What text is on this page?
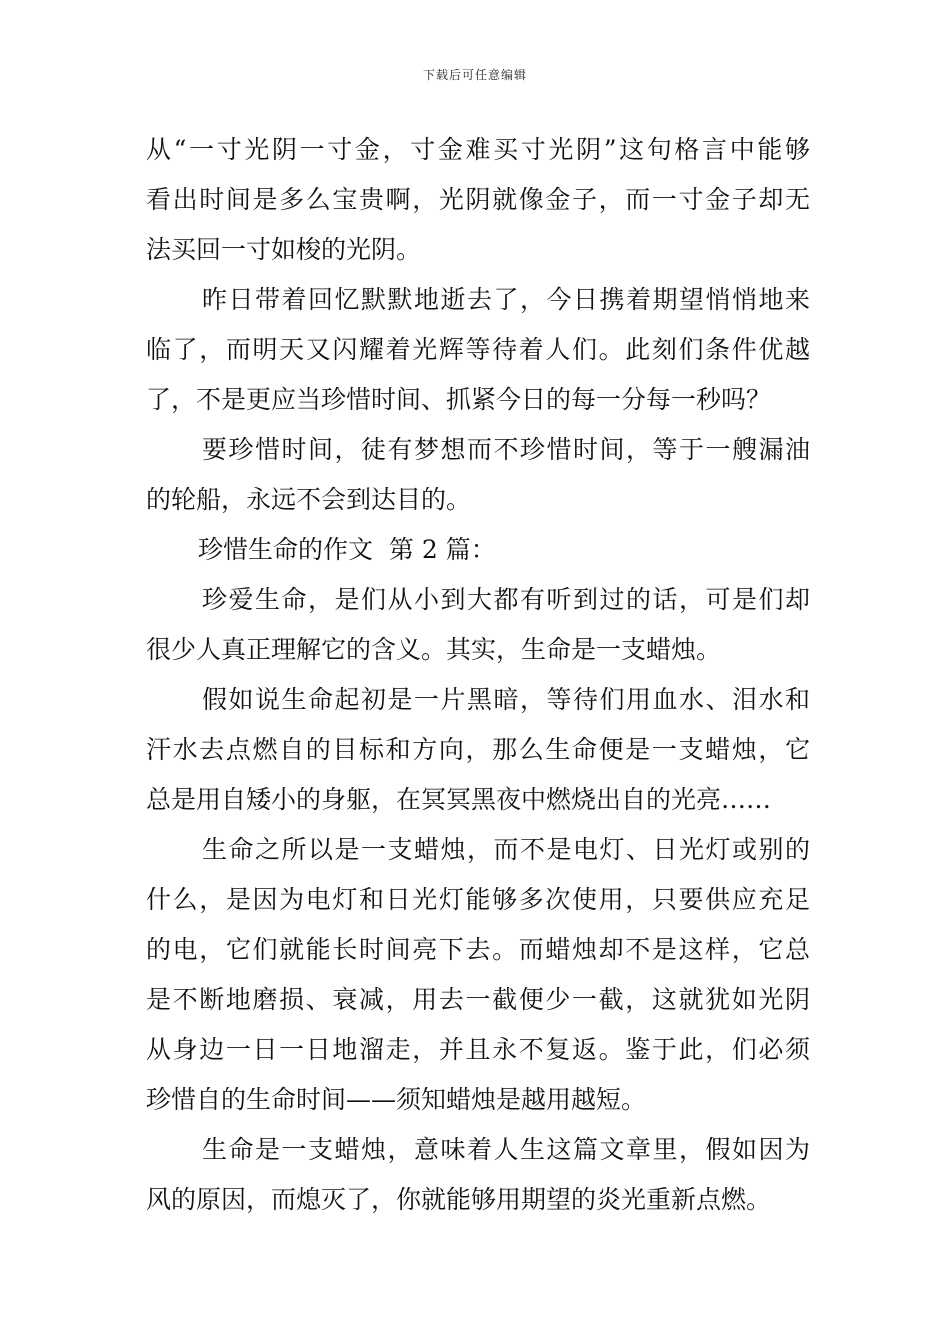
下载后可任意编辑
从“一寸光阴一寸金，寸金难买寸光阴”这句格言中能够
看出时间是多么宝贵啊，光阴就像金子，而一寸金子却无
法买回一寸如梭的光阴。
昨日带着回忆默默地逝去了，今日携着期望悄悄地来
临了，而明天又闪耀着光辉等待着人们。此刻们条件优越
了，不是更应当珍惜时间、抓紧今日的每一分每一秒吗？
要珍惜时间，徒有梦想而不珍惜时间，等于一艘漏油
的轮船，永远不会到达目的。
珍惜生命的作文  第 2 篇：
珍爱生命，是们从小到大都有听到过的话，可是们却
很少人真正理解它的含义。其实，生命是一支蜡烛。
假如说生命起初是一片黑暗，等待们用血水、泪水和
汗水去点燃自的目标和方向，那么生命便是一支蜡烛，它
总是用自矮小的身躯，在冥冥黑夜中燃烧出自的光亮……
生命之所以是一支蜡烛，而不是电灯、日光灯或别的
什么，是因为电灯和日光灯能够多次使用，只要供应充足
的电，它们就能长时间亮下去。而蜡烛却不是这样，它总
是不断地磨损、衰减，用去一截便少一截，这就犹如光阴
从身边一日一日地溜走，并且永不复返。鉴于此，们必须
珍惜自的生命时间——须知蜡烛是越用越短。
生命是一支蜡烛，意味着人生这篇文章里，假如因为
风的原因，而熄灭了，你就能够用期望的炎光重新点燃。
